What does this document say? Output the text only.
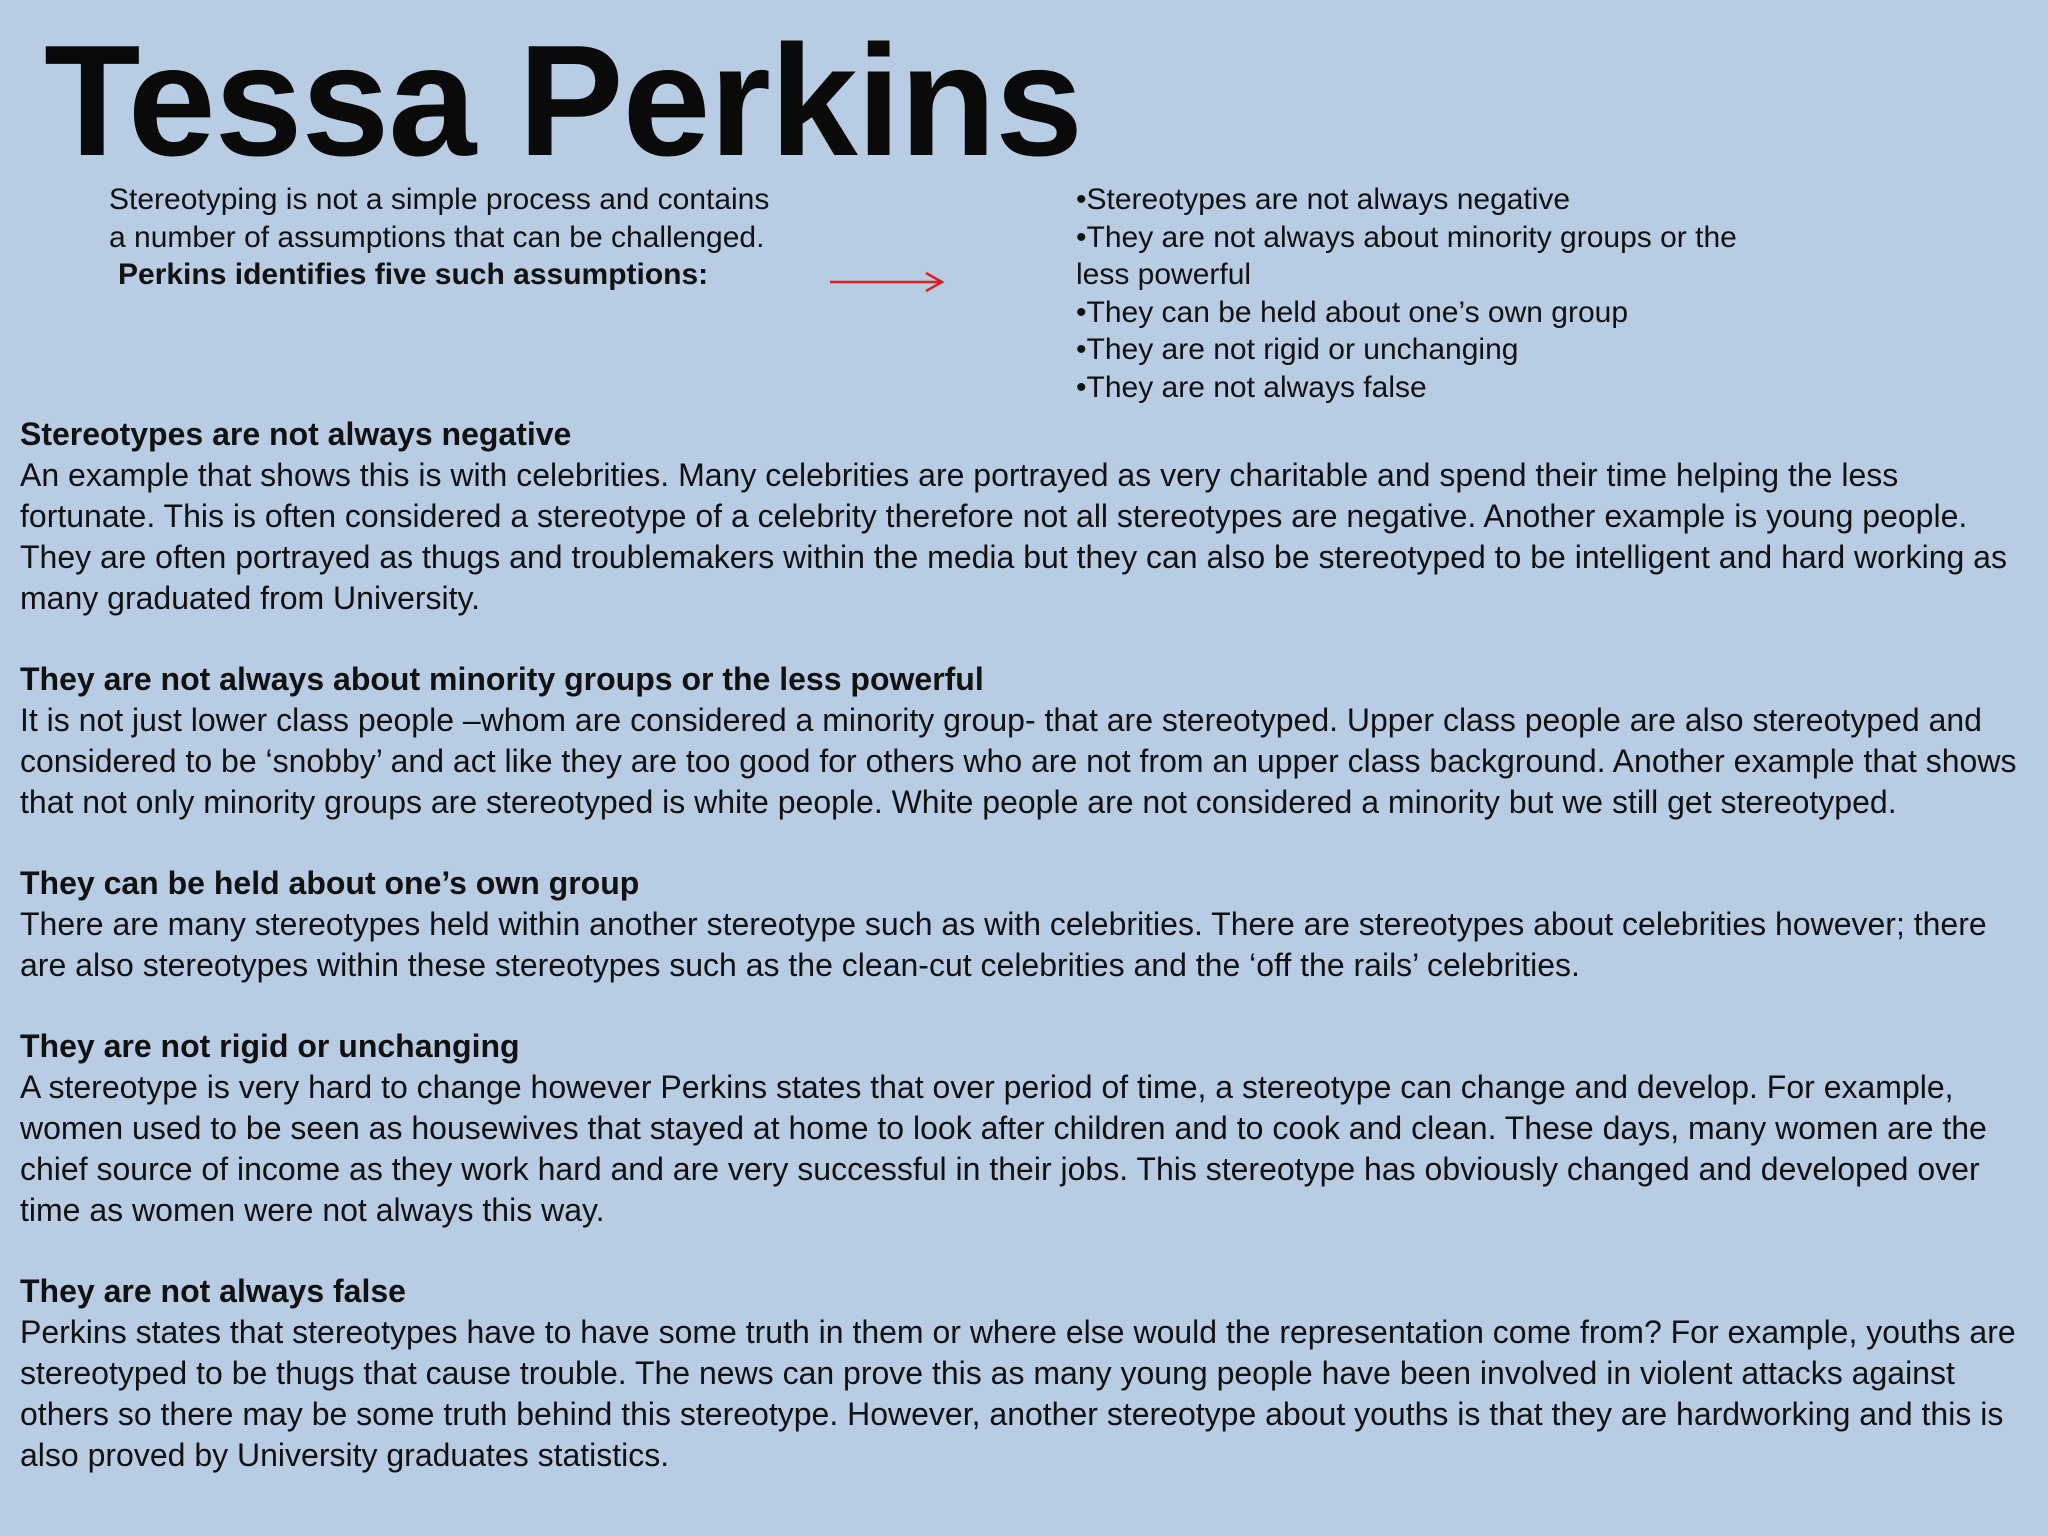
Tessa Perkins

Stereotyping is not a simple process and contains a number of assumptions that can be challenged.

Perkins identifies five such assumptions:

•Stereotypes are not always negative
•They are not always about minority groups or the less powerful
•They can be held about one’s own group
•They are not rigid or unchanging
•They are not always false
Stereotypes are not always negative

An example that shows this is with celebrities. Many celebrities are portrayed as very charitable and spend their time helping the less fortunate. This is often considered a stereotype of a celebrity therefore not all stereotypes are negative. Another example is young people. They are often portrayed as thugs and troublemakers within the media but they can also be stereotyped to be intelligent and hard working as many graduated from University.

They are not always about minority groups or the less powerful

It is not just lower class people –whom are considered a minority group- that are stereotyped. Upper class people are also stereotyped and considered to be ‘snobby’ and act like they are too good for others who are not from an upper class background. Another example that shows that not only minority groups are stereotyped is white people. White people are not considered a minority but we still get stereotyped.

They can be held about one’s own group

There are many stereotypes held within another stereotype such as with celebrities. There are stereotypes about celebrities however; there are also stereotypes within these stereotypes such as the clean-cut celebrities and the ‘off the rails’ celebrities.

They are not rigid or unchanging

A stereotype is very hard to change however Perkins states that over period of time, a stereotype can change and develop. For example, women used to be seen as housewives that stayed at home to look after children and to cook and clean. These days, many women are the chief source of income as they work hard and are very successful in their jobs. This stereotype has obviously changed and developed over time as women were not always this way.

They are not always false

Perkins states that stereotypes have to have some truth in them or where else would the representation come from? For example, youths are stereotyped to be thugs that cause trouble. The news can prove this as many young people have been involved in violent attacks against others so there may be some truth behind this stereotype. However, another stereotype about youths is that they are hardworking and this is also proved by University graduates statistics.
